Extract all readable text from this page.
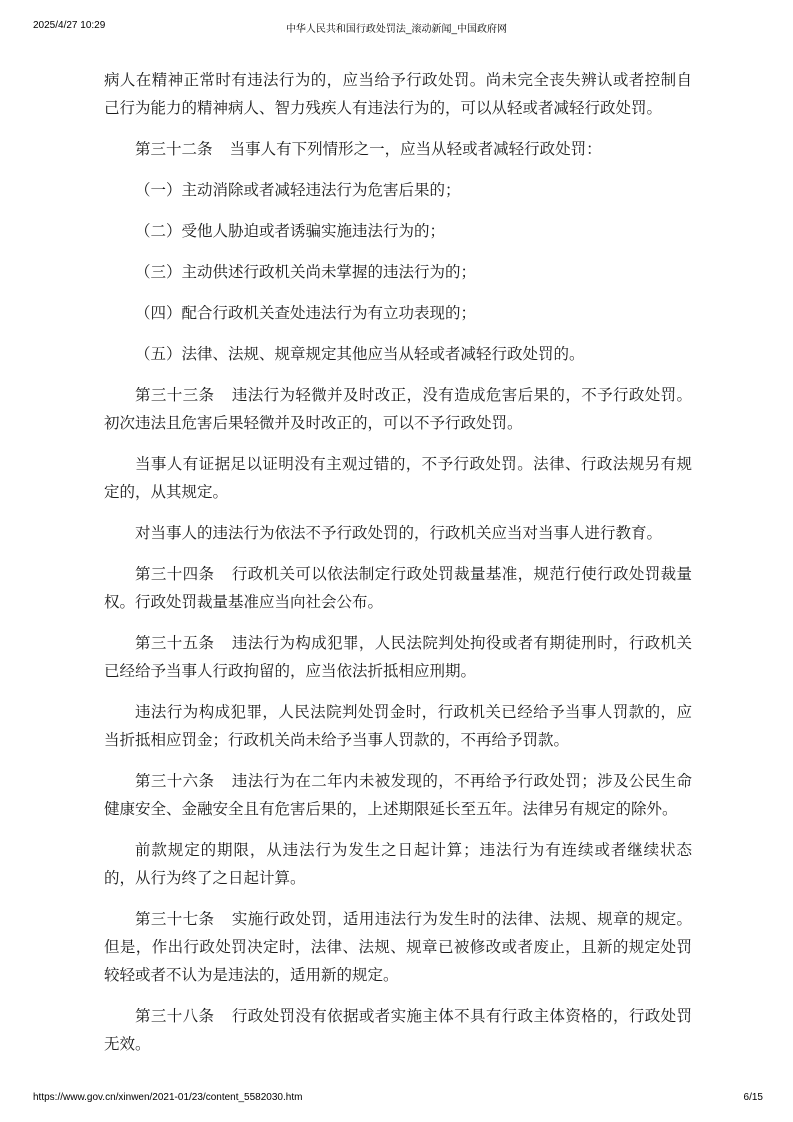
2025/4/27 10:29	中华人民共和国行政处罚法_滚动新闻_中国政府网

病人在精神正常时有违法行为的，应当给予行政处罚。尚未完全丧失辨认或者控制自己行为能力的精神病人、智力残疾人有违法行为的，可以从轻或者减轻行政处罚。

第三十二条 当事人有下列情形之一，应当从轻或者减轻行政处罚：

（一）主动消除或者减轻违法行为危害后果的；

（二）受他人胁迫或者诱骗实施违法行为的；

（三）主动供述行政机关尚未掌握的违法行为的；

（四）配合行政机关查处违法行为有立功表现的；

（五）法律、法规、规章规定其他应当从轻或者减轻行政处罚的。

第三十三条 违法行为轻微并及时改正，没有造成危害后果的，不予行政处罚。初次违法且危害后果轻微并及时改正的，可以不予行政处罚。

当事人有证据足以证明没有主观过错的，不予行政处罚。法律、行政法规另有规定的，从其规定。

对当事人的违法行为依法不予行政处罚的，行政机关应当对当事人进行教育。

第三十四条 行政机关可以依法制定行政处罚裁量基准，规范行使行政处罚裁量权。行政处罚裁量基准应当向社会公布。

第三十五条 违法行为构成犯罪，人民法院判处拘役或者有期徒刑时，行政机关已经给予当事人行政拘留的，应当依法折抵相应刑期。

违法行为构成犯罪，人民法院判处罚金时，行政机关已经给予当事人罚款的，应当折抵相应罚金；行政机关尚未给予当事人罚款的，不再给予罚款。

第三十六条 违法行为在二年内未被发现的，不再给予行政处罚；涉及公民生命健康安全、金融安全且有危害后果的，上述期限延长至五年。法律另有规定的除外。

前款规定的期限，从违法行为发生之日起计算；违法行为有连续或者继续状态的，从行为终了之日起计算。

第三十七条 实施行政处罚，适用违法行为发生时的法律、法规、规章的规定。但是，作出行政处罚决定时，法律、法规、规章已被修改或者废止，且新的规定处罚较轻或者不认为是违法的，适用新的规定。

第三十八条 行政处罚没有依据或者实施主体不具有行政主体资格的，行政处罚无效。

https://www.gov.cn/xinwen/2021-01/23/content_5582030.htm	6/15
